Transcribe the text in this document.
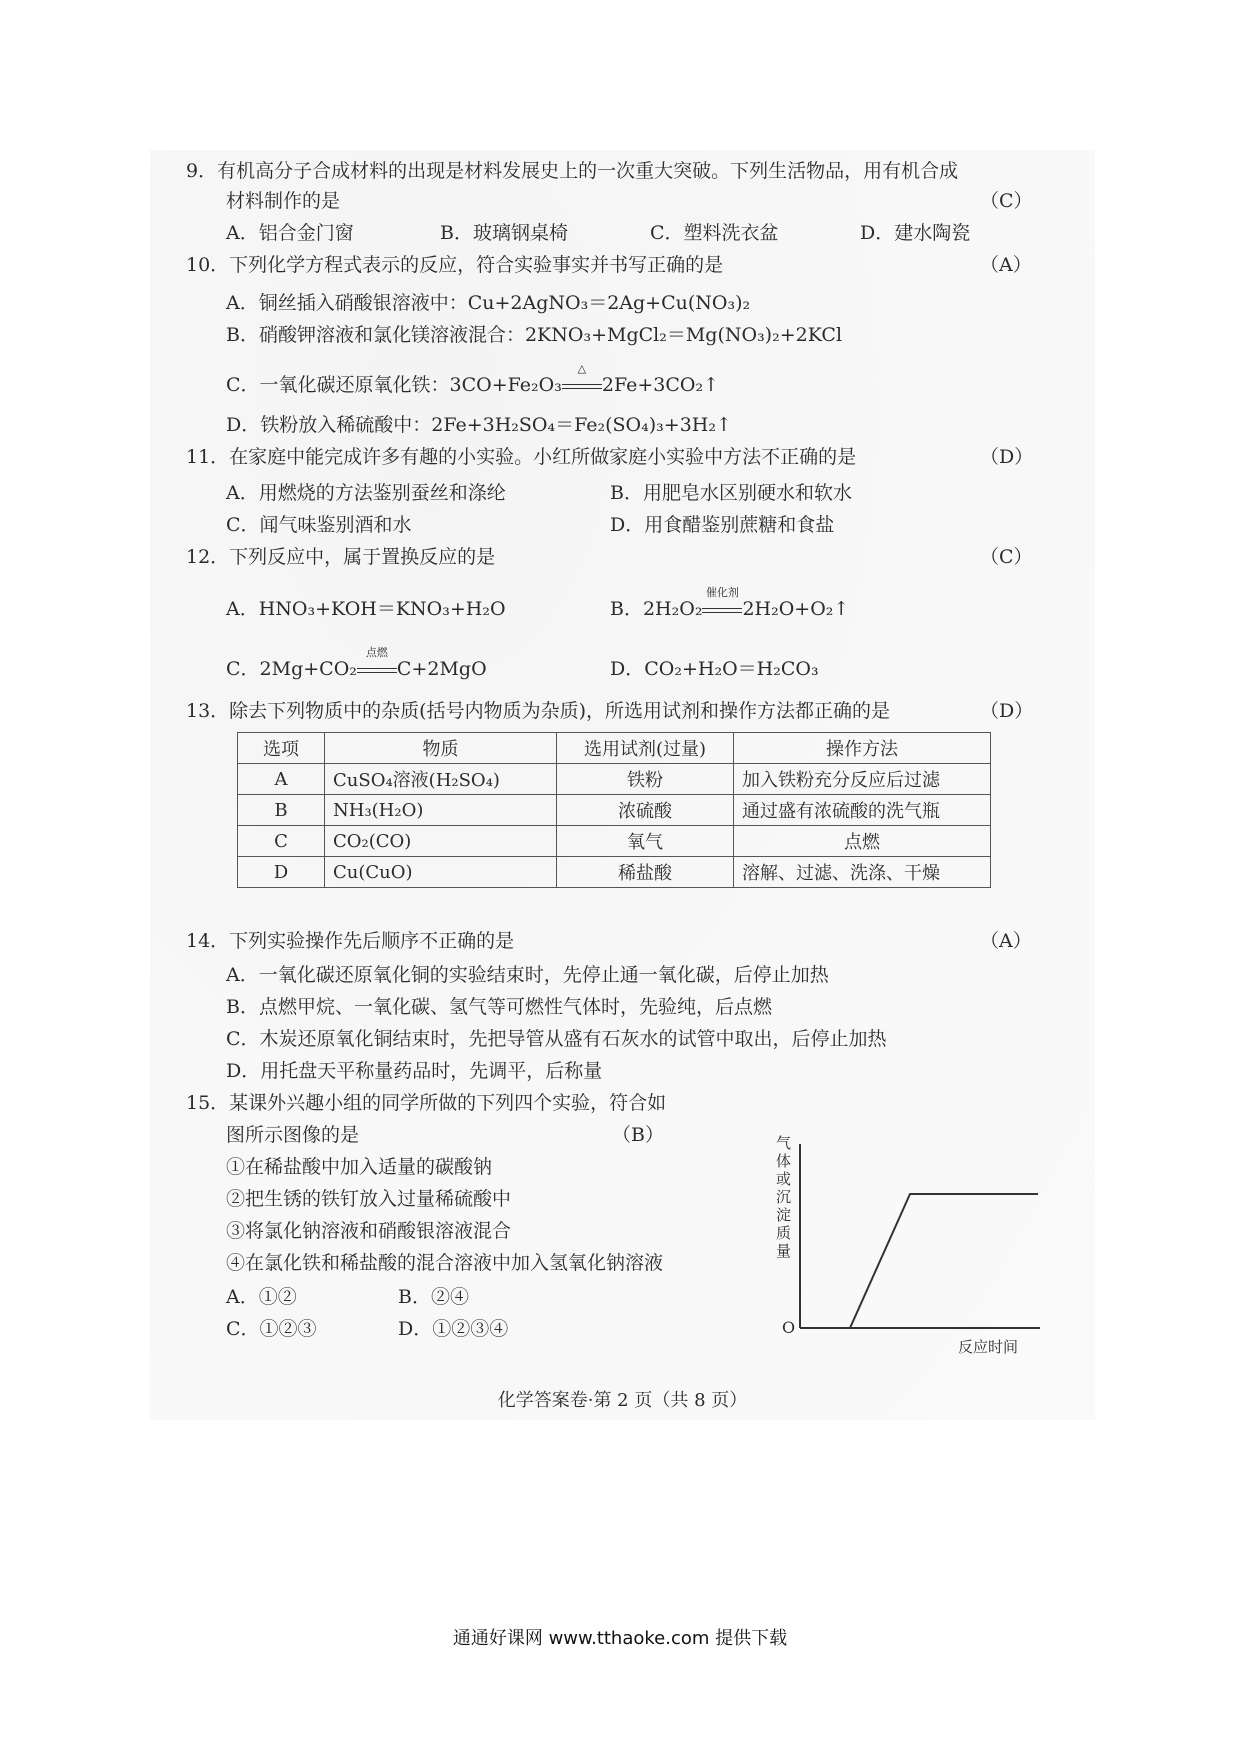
9．有机高分子合成材料的出现是材料发展史上的一次重大突破。下列生活物品，用有机合成
材料制作的是	（C）
A．铝合金门窗	B．玻璃钢桌椅	C．塑料洗衣盆	D．建水陶瓷
10．下列化学方程式表示的反应，符合实验事实并书写正确的是	（A）
A．铜丝插入硝酸银溶液中：Cu+2AgNO₃＝2Ag+Cu(NO₃)₂
B．硝酸钾溶液和氯化镁溶液混合：2KNO₃+MgCl₂＝Mg(NO₃)₂+2KCl
C．一氧化碳还原氧化铁：3CO+Fe₂O₃
△
2Fe+3CO₂↑
D．铁粉放入稀硫酸中：2Fe+3H₂SO₄＝Fe₂(SO₄)₃+3H₂↑
11．在家庭中能完成许多有趣的小实验。小红所做家庭小实验中方法不正确的是	（D）
A．用燃烧的方法鉴别蚕丝和涤纶	B．用肥皂水区别硬水和软水
C．闻气味鉴别酒和水	D．用食醋鉴别蔗糖和食盐
12．下列反应中，属于置换反应的是	（C）
A．HNO₃+KOH＝KNO₃+H₂O	B．2H₂O₂
催化剂
2H₂O+O₂↑
C．2Mg+CO₂
点燃
C+2MgO	D．CO₂+H₂O＝H₂CO₃
13．除去下列物质中的杂质(括号内物质为杂质)，所选用试剂和操作方法都正确的是	（D）
选项	物质	选用试剂(过量)	操作方法
A	CuSO₄溶液(H₂SO₄)	铁粉	加入铁粉充分反应后过滤
B	NH₃(H₂O)	浓硫酸	通过盛有浓硫酸的洗气瓶
C	CO₂(CO)	氧气	点燃
D	Cu(CuO)	稀盐酸	溶解、过滤、洗涤、干燥
14．下列实验操作先后顺序不正确的是	（A）
A．一氧化碳还原氧化铜的实验结束时，先停止通一氧化碳，后停止加热
B．点燃甲烷、一氧化碳、氢气等可燃性气体时，先验纯，后点燃
C．木炭还原氧化铜结束时，先把导管从盛有石灰水的试管中取出，后停止加热
D．用托盘天平称量药品时，先调平，后称量
15．某课外兴趣小组的同学所做的下列四个实验，符合如
图所示图像的是	（B）
①在稀盐酸中加入适量的碳酸钠
②把生锈的铁钉放入过量稀硫酸中
③将氯化钠溶液和硝酸银溶液混合
④在氯化铁和稀盐酸的混合溶液中加入氢氧化钠溶液
A．①②	B．②④
C．①②③	D．①②③④
气体或沉淀质量
O
反应时间
化学答案卷·第 2 页（共 8 页）
通通好课网 www.tthaoke.com 提供下载
